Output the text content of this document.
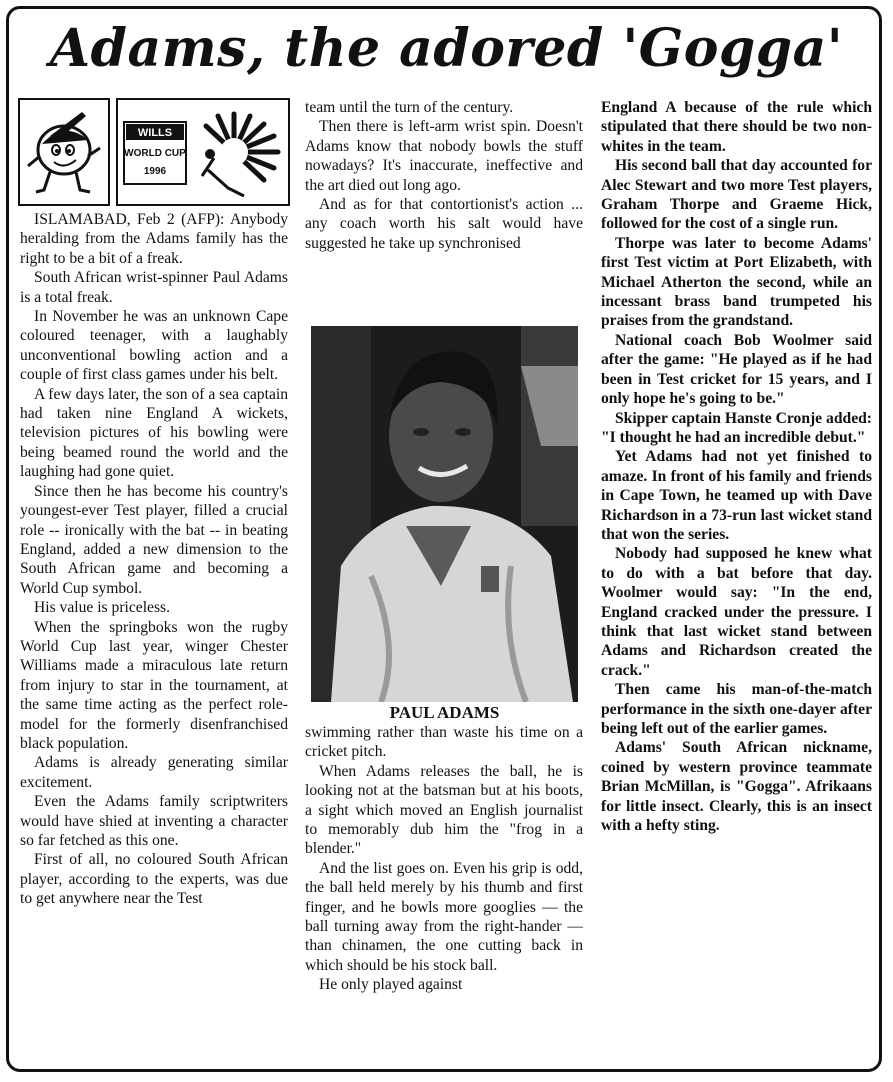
Adams, the adored 'Gogga'
WILLS
WORLD CUP
1996

ISLAMABAD, Feb 2 (AFP): Anybody heralding from the Adams family has the right to be a bit of a freak.

South African wrist-spinner Paul Adams is a total freak.

In November he was an unknown Cape coloured teenager, with a laughably unconventional bowling action and a couple of first class games under his belt.

A few days later, the son of a sea captain had taken nine England A wickets, television pictures of his bowling were being beamed round the world and the laughing had gone quiet.

Since then he has become his country's youngest-ever Test player, filled a crucial role -- ironically with the bat -- in beating England, added a new dimension to the South African game and becoming a World Cup symbol.

His value is priceless.

When the springboks won the rugby World Cup last year, winger Chester Williams made a miraculous late return from injury to star in the tournament, at the same time acting as the perfect role-model for the formerly disenfranchised black population.

Adams is already generating similar excitement.

Even the Adams family scriptwriters would have shied at inventing a character so far fetched as this one.

First of all, no coloured South African player, according to the experts, was due to get anywhere near the Test

team until the turn of the century.

Then there is left-arm wrist spin. Doesn't Adams know that nobody bowls the stuff nowadays? It's inaccurate, ineffective and the art died out long ago.

And as for that contortionist's action ... any coach worth his salt would have suggested he take up synchronised

PAUL ADAMS

swimming rather than waste his time on a cricket pitch.

When Adams releases the ball, he is looking not at the batsman but at his boots, a sight which moved an English journalist to memorably dub him the "frog in a blender."

And the list goes on. Even his grip is odd, the ball held merely by his thumb and first finger, and he bowls more googlies — the ball turning away from the right-hander — than chinamen, the one cutting back in which should be his stock ball.

He only played against

England A because of the rule which stipulated that there should be two non-whites in the team.

His second ball that day accounted for Alec Stewart and two more Test players, Graham Thorpe and Graeme Hick, followed for the cost of a single run.

Thorpe was later to become Adams' first Test victim at Port Elizabeth, with Michael Atherton the second, while an incessant brass band trumpeted his praises from the grandstand.

National coach Bob Woolmer said after the game: "He played as if he had been in Test cricket for 15 years, and I only hope he's going to be."

Skipper captain Hanste Cronje added: "I thought he had an incredible debut."

Yet Adams had not yet finished to amaze. In front of his family and friends in Cape Town, he teamed up with Dave Richardson in a 73-run last wicket stand that won the series.

Nobody had supposed he knew what to do with a bat before that day. Woolmer would say: "In the end, England cracked under the pressure. I think that last wicket stand between Adams and Richardson created the crack."

Then came his man-of-the-match performance in the sixth one-dayer after being left out of the earlier games.

Adams' South African nickname, coined by western province teammate Brian McMillan, is "Gogga". Afrikaans for little insect. Clearly, this is an insect with a hefty sting.
